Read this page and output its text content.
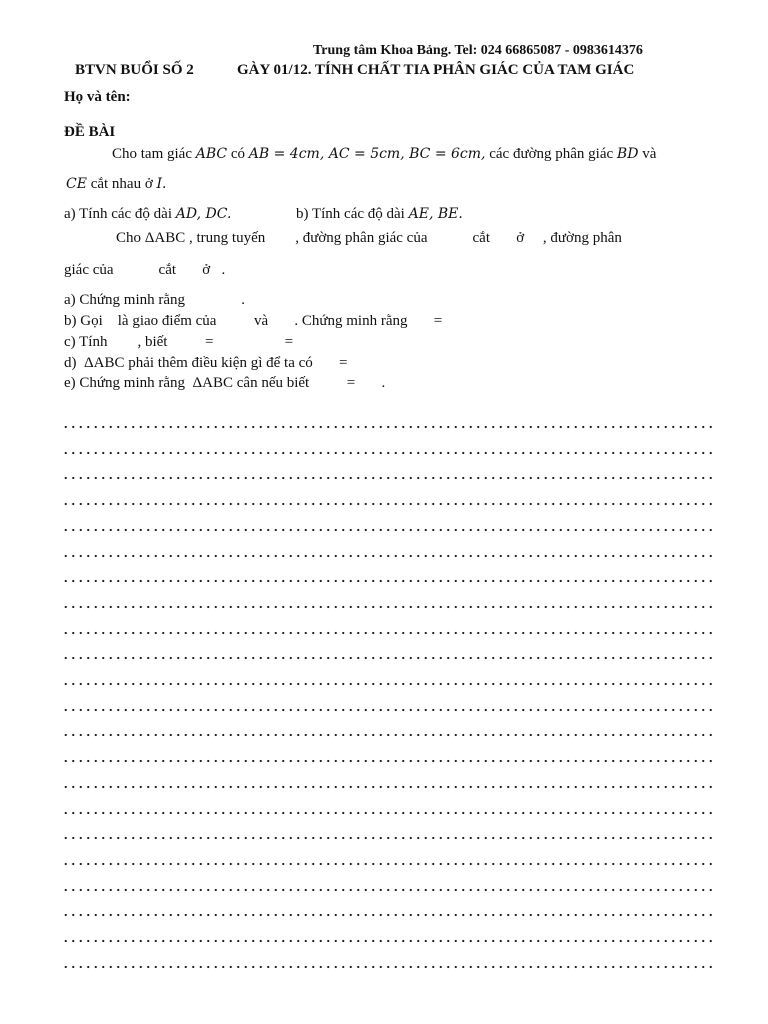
Trung tâm Khoa Bảng. Tel: 024 66865087 - 0983614376
BTVN BUỔI SỐ 2	GÀY 01/12. TÍNH CHẤT TIA PHÂN GIÁC CỦA TAM GIÁC
Họ và tên:
ĐỀ BÀI
Cho tam giác ABC có AB = 4cm, AC = 5cm, BC = 6cm, các đường phân giác BD và
CE cắt nhau ở I.
a) Tính các độ dài AD, DC.	b) Tính các độ dài AE, BE.
Cho ΔABC , trung tuyến        , đường phân giác của            cắt       ở     , đường phân
giác của            cắt       ở   .
a) Chứng minh rằng               .
b) Gọi    là giao điểm của          và       . Chứng minh rằng       =
c) Tính        , biết          =                   =
d)  ΔABC phải thêm điều kiện gì để ta có       =
e) Chứng minh rằng  ΔABC cân nếu biết          =       .
